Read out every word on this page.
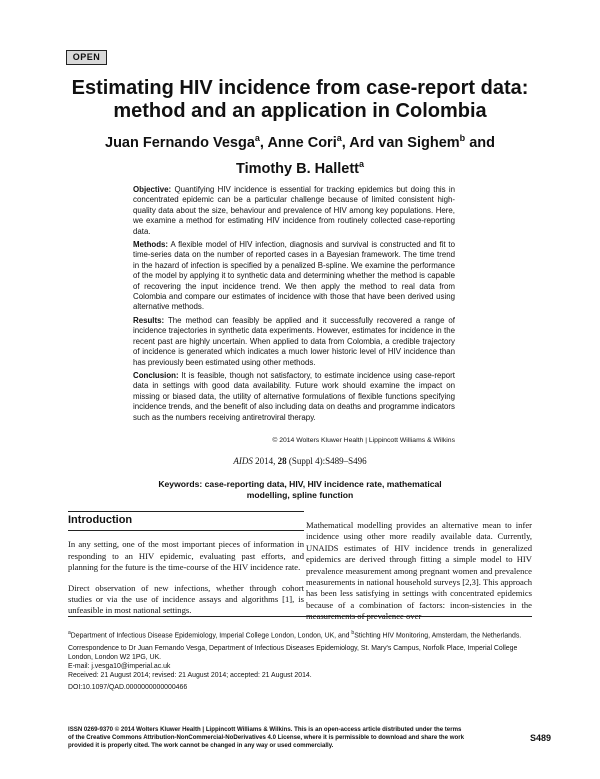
OPEN
Estimating HIV incidence from case-report data:
method and an application in Colombia
Juan Fernando Vesga$^a$, Anne Cori$^a$, Ard van Sighem$^b$ and
Timothy B. Hallett$^a$

Objective: Quantifying HIV incidence is essential for tracking epidemics but doing this in concentrated epidemic can be a particular challenge because of limited consistent high-quality data about the size, behaviour and prevalence of HIV among key populations. Here, we examine a method for estimating HIV incidence from routinely collected case-reporting data.

Methods: A flexible model of HIV infection, diagnosis and survival is constructed and fit to time-series data on the number of reported cases in a Bayesian framework. The time trend in the hazard of infection is specified by a penalized B-spline. We examine the performance of the model by applying it to synthetic data and determining whether the method is capable of recovering the input incidence trend. We then apply the method to real data from Colombia and compare our estimates of incidence with those that have been derived using alternative methods.

Results: The method can feasibly be applied and it successfully recovered a range of incidence trajectories in synthetic data experiments. However, estimates for incidence in the recent past are highly uncertain. When applied to data from Colombia, a credible trajectory of incidence is generated which indicates a much lower historic level of HIV incidence than has previously been estimated using other methods.

Conclusion: It is feasible, though not satisfactory, to estimate incidence using case-report data in settings with good data availability. Future work should examine the impact on missing or biased data, the utility of alternative formulations of flexible functions specifying incidence trends, and the benefit of also including data on deaths and programme indicators such as the numbers receiving antiretroviral therapy.

© 2014 Wolters Kluwer Health | Lippincott Williams & Wilkins
AIDS 2014, 28 (Suppl 4):S489–S496
Keywords: case-reporting data, HIV, HIV incidence rate, mathematical
modelling, spline function
Introduction

In any setting, one of the most important pieces of information in responding to an HIV epidemic, evaluating past efforts, and planning for the future is the time-course of the HIV incidence rate.

Direct observation of new infections, whether through cohort studies or via the use of incidence assays and algorithms [1], is unfeasible in most national settings.

Mathematical modelling provides an alternative mean to infer incidence using other more readily available data. Currently, UNAIDS estimates of HIV incidence trends in generalized epidemics are derived through fitting a simple model to HIV prevalence measurement among pregnant women and prevalence measurements in national household surveys [2,3]. This approach has been less satisfying in settings with concentrated epidemics because of a combination of factors: incon-sistencies in the measurements of prevalence over

$^a$Department of Infectious Disease Epidemiology, Imperial College London, London, UK, and $^b$Stichting HIV Monitoring, Amsterdam, the Netherlands.

Correspondence to Dr Juan Fernando Vesga, Department of Infectious Diseases Epidemiology, St. Mary's Campus, Norfolk Place, Imperial College London, London W2 1PG, UK.

E-mail: j.vesga10@imperial.ac.uk

Received: 21 August 2014; revised: 21 August 2014; accepted: 21 August 2014.

DOI:10.1097/QAD.0000000000000466

ISSN 0269-9370 © 2014 Wolters Kluwer Health | Lippincott Williams & Wilkins. This is an open-access article distributed under the terms
of the Creative Commons Attribution-NonCommercial-NoDerivatives 4.0 License, where it is permissible to download and share the work
provided it is properly cited. The work cannot be changed in any way or used commercially.
S489
